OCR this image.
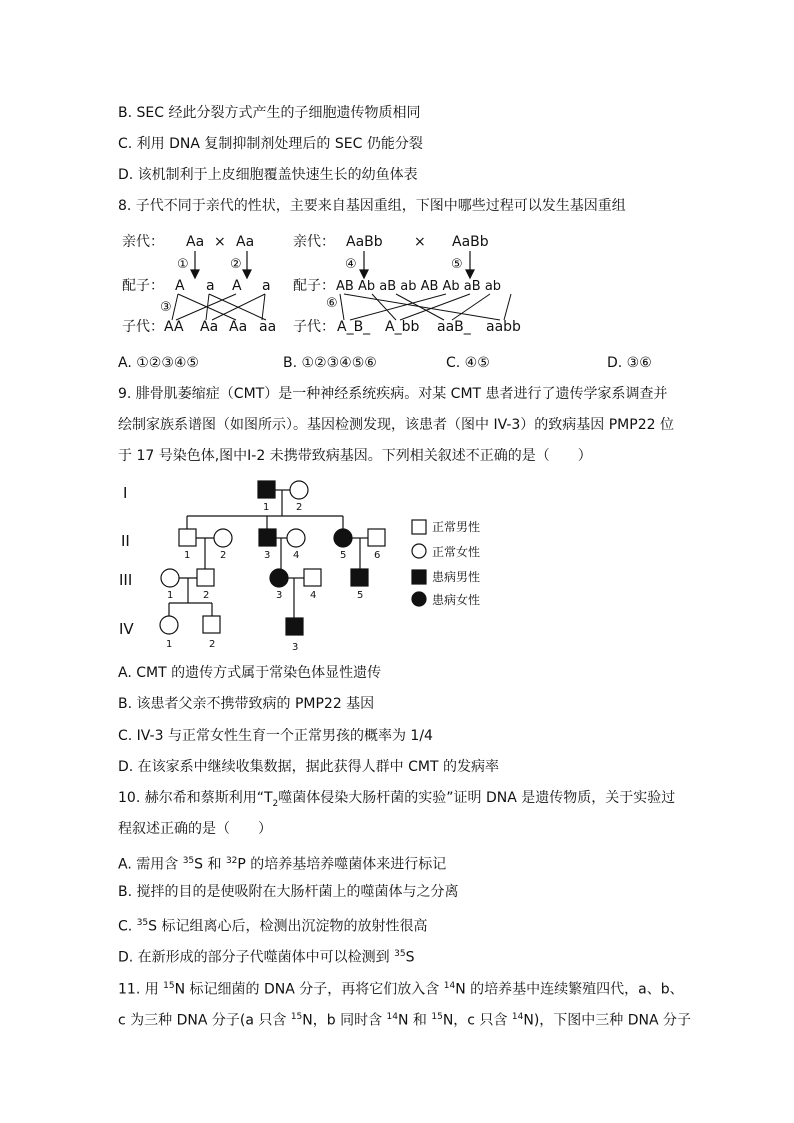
B. SEC 经此分裂方式产生的子细胞遗传物质相同
C. 利用 DNA 复制抑制剂处理后的 SEC 仍能分裂
D. 该机制利于上皮细胞覆盖快速生长的幼鱼体表
8. 子代不同于亲代的性状，主要来自基因重组，下图中哪些过程可以发生基因重组
亲代： Aa × Aa
①	②
③
配子： A a A a
子代： AA Aa Aa aa
亲代： AaBb × AaBb
④	⑤
⑥
配子： AB Ab aB ab AB Ab aB ab
子代： A_B_ A_bb aaB_ aabb
A. ①②③④⑤	B. ①②③④⑤⑥	C. ④⑤	D. ③⑥
9. 腓骨肌萎缩症（CMT）是一种神经系统疾病。对某 CMT 患者进行了遗传学家系调查并
绘制家族系谱图（如图所示）。基因检测发现，该患者（图中 IV-3）的致病基因 PMP22 位
于 17 号染色体,图中Ⅰ-2 未携带致病基因。下列相关叙述不正确的是（　　）
I
II
III
IV
1	2
1	2	3 4	5	6
1	2	3	4	5
1	2	3
正常男性
正常女性
患病男性
患病女性
A. CMT 的遗传方式属于常染色体显性遗传
B. 该患者父亲不携带致病的 PMP22 基因
C. IV-3 与正常女性生育一个正常男孩的概率为 1/4
D. 在该家系中继续收集数据，据此获得人群中 CMT 的发病率
10. 赫尔希和蔡斯利用“$T_2$噬菌体侵染大肠杆菌的实验”证明 DNA 是遗传物质，关于实验过
程叙述正确的是（　　）
A. 需用含 $^{35}$S 和 $^{32}$P 的培养基培养噬菌体来进行标记
B. 搅拌的目的是使吸附在大肠杆菌上的噬菌体与之分离
C. $^{35}$S 标记组离心后，检测出沉淀物的放射性很高
D. 在新形成的部分子代噬菌体中可以检测到 $^{35}$S
11. 用 $^{15}$N 标记细菌的 DNA 分子，再将它们放入含 $^{14}$N 的培养基中连续繁殖四代，a、b、
c 为三种 DNA 分子(a 只含 $^{15}$N，b 同时含 $^{14}$N 和 $^{15}$N，c 只含 $^{14}$N)，下图中三种 DNA 分子
